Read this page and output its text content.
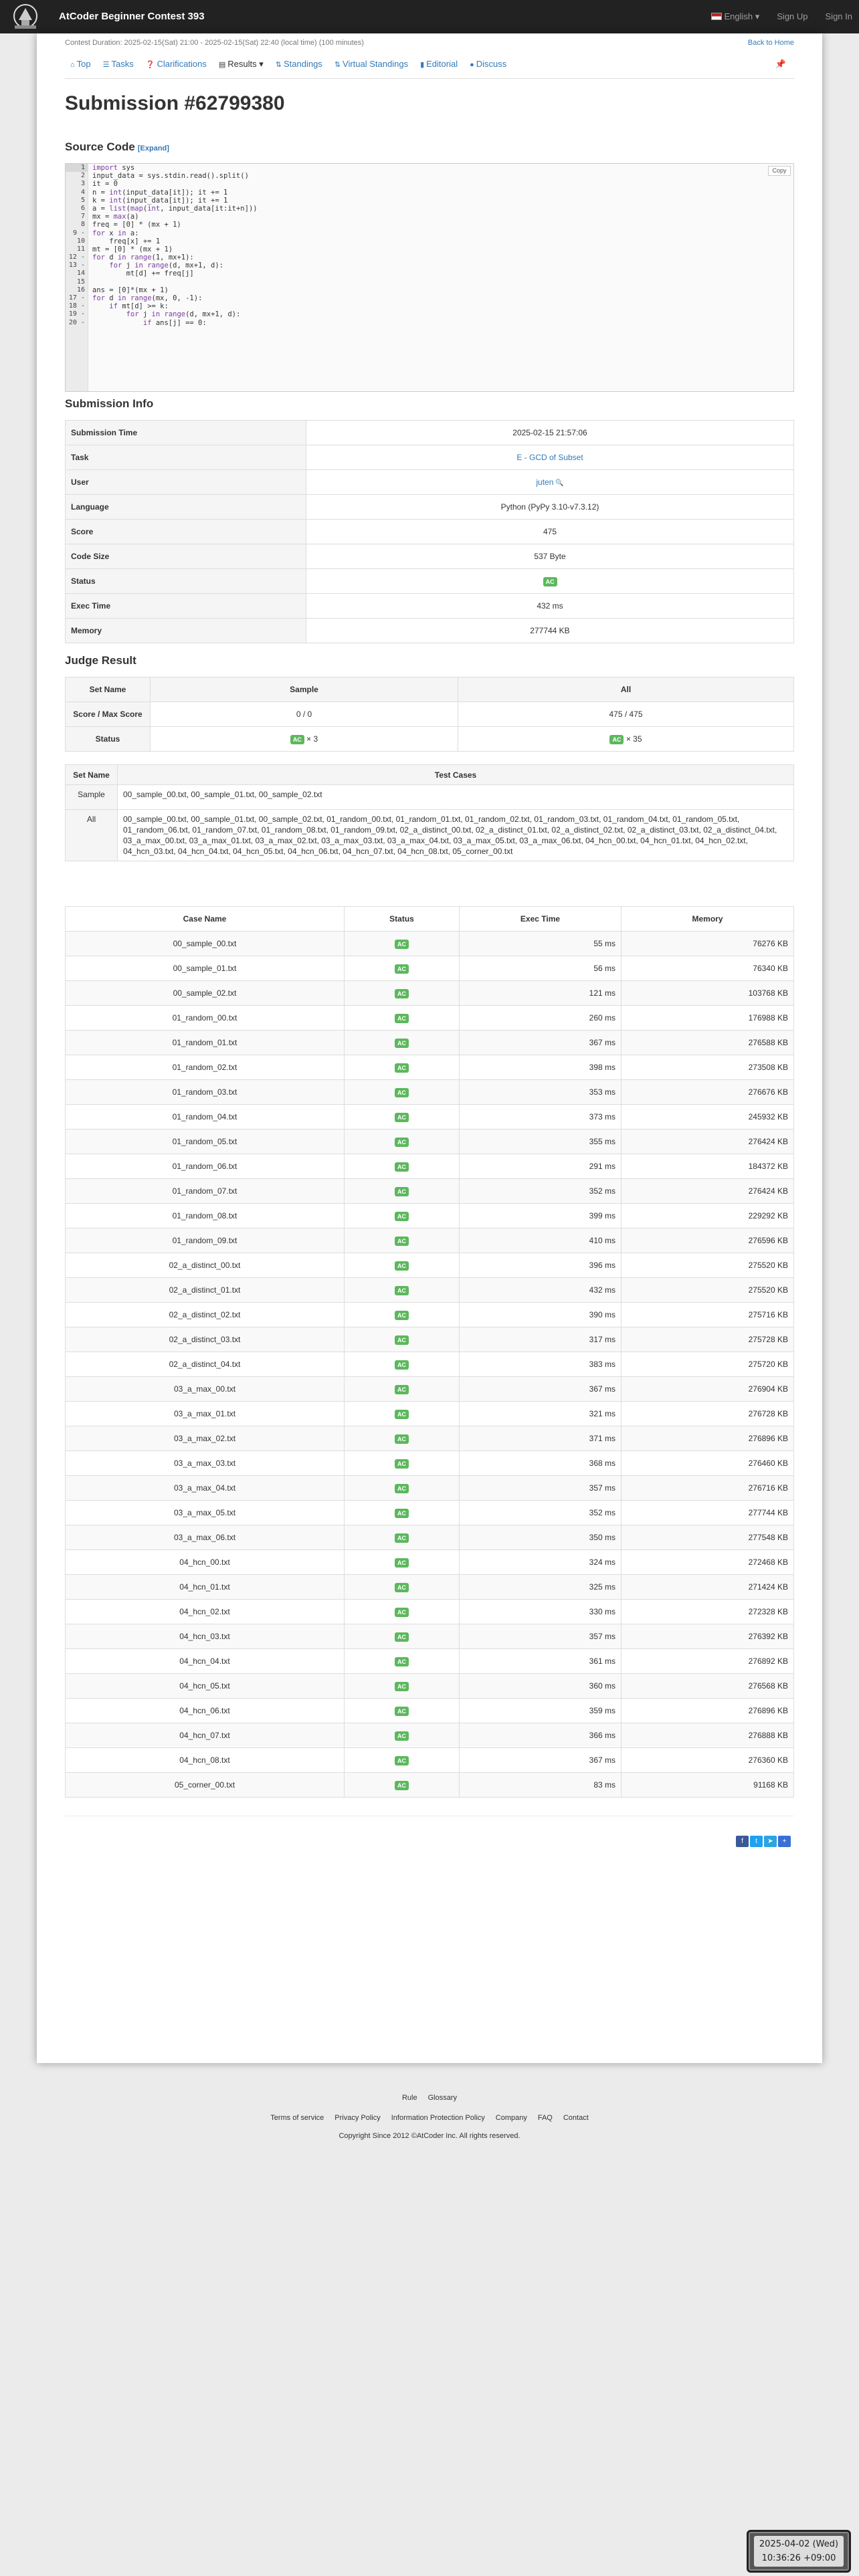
AtCoder Beginner Contest 393	English ▾ Sign Up Sign In
Contest Duration: 2025-02-15(Sat) 21:00 - 2025-02-15(Sat) 22:40 (local time) (100 minutes)	Back to Home
⌂ Top ☰ Tasks ❓ Clarifications ▤ Results ▾ ⇅ Standings ⇅ Virtual Standings ▮ Editorial ● Discuss	📌
Submission #62799380
Source Code [Expand]
1
2
3
4
5
6
7
8
9 -
10
11
12 -
13 -
14
15
16
17 -
18 -
19 -
20 -
import sys
input_data = sys.stdin.read().split()
it = 0
n = int(input_data[it]); it += 1
k = int(input_data[it]); it += 1
a = list(map(int, input_data[it:it+n]))
mx = max(a)
freq = [0] * (mx + 1)
for x in a:
freq[x] += 1
mt = [0] * (mx + 1)
for d in range(1, mx+1):
for j in range(d, mx+1, d):
mt[d] += freq[j]
ans = [0]*(mx + 1)
for d in range(mx, 0, -1):
if mt[d] >= k:
for j in range(d, mx+1, d):
if ans[j] == 0:
Copy
Submission Info
Submission Time	2025-02-15 21:57:06
Task	E - GCD of Subset
User	juten 🔍
Language	Python (PyPy 3.10-v7.3.12)
Score	475
Code Size	537 Byte
Status	AC
Exec Time	432 ms
Memory	277744 KB
Judge Result
Set Name	Sample	All
Score / Max Score	0 / 0	475 / 475
Status	AC × 3	AC × 35
Set Name	Test Cases
Sample	00_sample_00.txt, 00_sample_01.txt, 00_sample_02.txt
All	00_sample_00.txt, 00_sample_01.txt, 00_sample_02.txt, 01_random_00.txt, 01_random_01.txt, 01_random_02.txt, 01_random_03.txt, 01_random_04.txt, 01_random_05.txt, 01_random_06.txt, 01_random_07.txt, 01_random_08.txt, 01_random_09.txt, 02_a_distinct_00.txt, 02_a_distinct_01.txt, 02_a_distinct_02.txt, 02_a_distinct_03.txt, 02_a_distinct_04.txt, 03_a_max_00.txt, 03_a_max_01.txt, 03_a_max_02.txt, 03_a_max_03.txt, 03_a_max_04.txt, 03_a_max_05.txt, 03_a_max_06.txt, 04_hcn_00.txt, 04_hcn_01.txt, 04_hcn_02.txt, 04_hcn_03.txt, 04_hcn_04.txt, 04_hcn_05.txt, 04_hcn_06.txt, 04_hcn_07.txt, 04_hcn_08.txt, 05_corner_00.txt
Case Name	Status	Exec Time	Memory
00_sample_00.txt	AC	55 ms	76276 KB
00_sample_01.txt	AC	56 ms	76340 KB
00_sample_02.txt	AC	121 ms	103768 KB
01_random_00.txt	AC	260 ms	176988 KB
01_random_01.txt	AC	367 ms	276588 KB
01_random_02.txt	AC	398 ms	273508 KB
01_random_03.txt	AC	353 ms	276676 KB
01_random_04.txt	AC	373 ms	245932 KB
01_random_05.txt	AC	355 ms	276424 KB
01_random_06.txt	AC	291 ms	184372 KB
01_random_07.txt	AC	352 ms	276424 KB
01_random_08.txt	AC	399 ms	229292 KB
01_random_09.txt	AC	410 ms	276596 KB
02_a_distinct_00.txt	AC	396 ms	275520 KB
02_a_distinct_01.txt	AC	432 ms	275520 KB
02_a_distinct_02.txt	AC	390 ms	275716 KB
02_a_distinct_03.txt	AC	317 ms	275728 KB
02_a_distinct_04.txt	AC	383 ms	275720 KB
03_a_max_00.txt	AC	367 ms	276904 KB
03_a_max_01.txt	AC	321 ms	276728 KB
03_a_max_02.txt	AC	371 ms	276896 KB
03_a_max_03.txt	AC	368 ms	276460 KB
03_a_max_04.txt	AC	357 ms	276716 KB
03_a_max_05.txt	AC	352 ms	277744 KB
03_a_max_06.txt	AC	350 ms	277548 KB
04_hcn_00.txt	AC	324 ms	272468 KB
04_hcn_01.txt	AC	325 ms	271424 KB
04_hcn_02.txt	AC	330 ms	272328 KB
04_hcn_03.txt	AC	357 ms	276392 KB
04_hcn_04.txt	AC	361 ms	276892 KB
04_hcn_05.txt	AC	360 ms	276568 KB
04_hcn_06.txt	AC	359 ms	276896 KB
04_hcn_07.txt	AC	366 ms	276888 KB
04_hcn_08.txt	AC	367 ms	276360 KB
05_corner_00.txt	AC	83 ms	91168 KB
f	t	➤	+
Rule Glossary
Terms of service Privacy Policy Information Protection Policy Company FAQ Contact
Copyright Since 2012 ©AtCoder Inc. All rights reserved.
2025-04-02 (Wed)
10:36:26 +09:00
